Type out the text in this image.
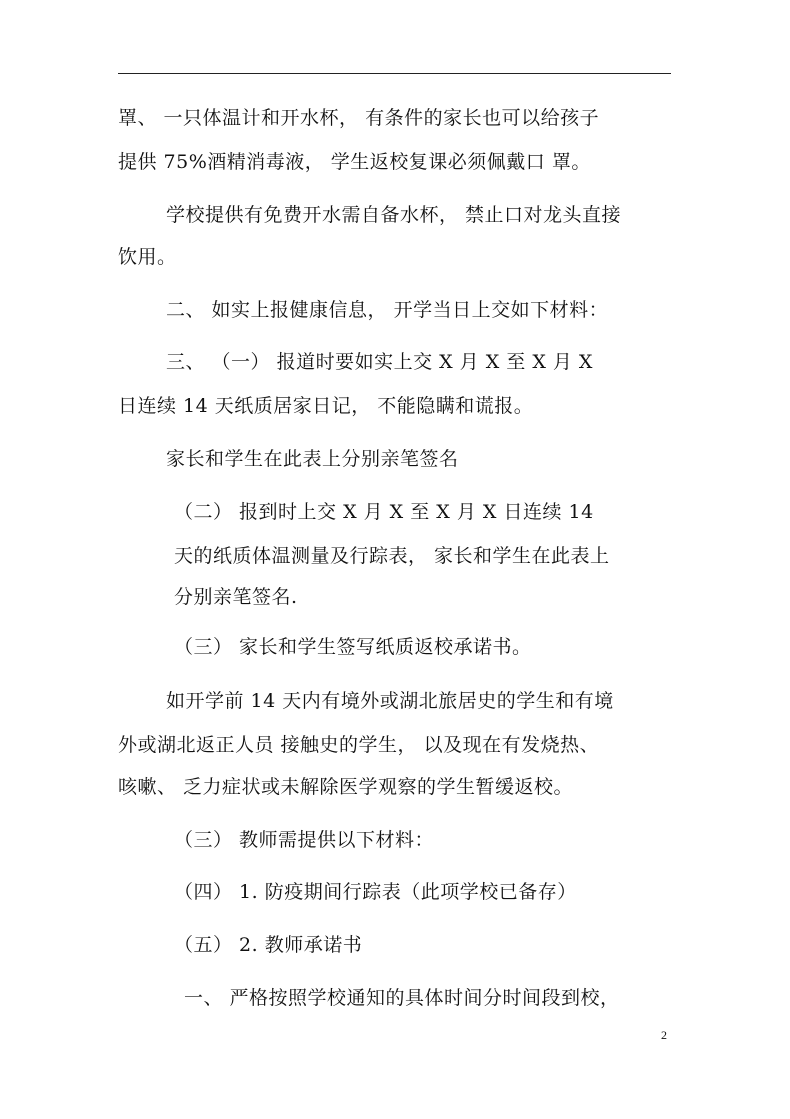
罩、 一只体温计和开水杯， 有条件的家长也可以给孩子
提供 75%酒精消毒液， 学生返校复课必须佩戴口 罩。
学校提供有免费开水需自备水杯， 禁止口对龙头直接
饮用。
二、 如实上报健康信息， 开学当日上交如下材料：
三、 （一） 报道时要如实上交 X 月 X 至 X 月 X
日连续 14 天纸质居家日记， 不能隐瞒和谎报。
家长和学生在此表上分别亲笔签名
（二） 报到时上交 X 月 X 至 X 月 X 日连续 14
天的纸质体温测量及行踪表， 家长和学生在此表上
分别亲笔签名.
（三） 家长和学生签写纸质返校承诺书。
如开学前 14 天内有境外或湖北旅居史的学生和有境
外或湖北返正人员 接触史的学生， 以及现在有发烧热、
咳嗽、 乏力症状或未解除医学观察的学生暂缓返校。
（三） 教师需提供以下材料：
（四） 1. 防疫期间行踪表（此项学校已备存）
（五） 2. 教师承诺书
一、 严格按照学校通知的具体时间分时间段到校，
2
